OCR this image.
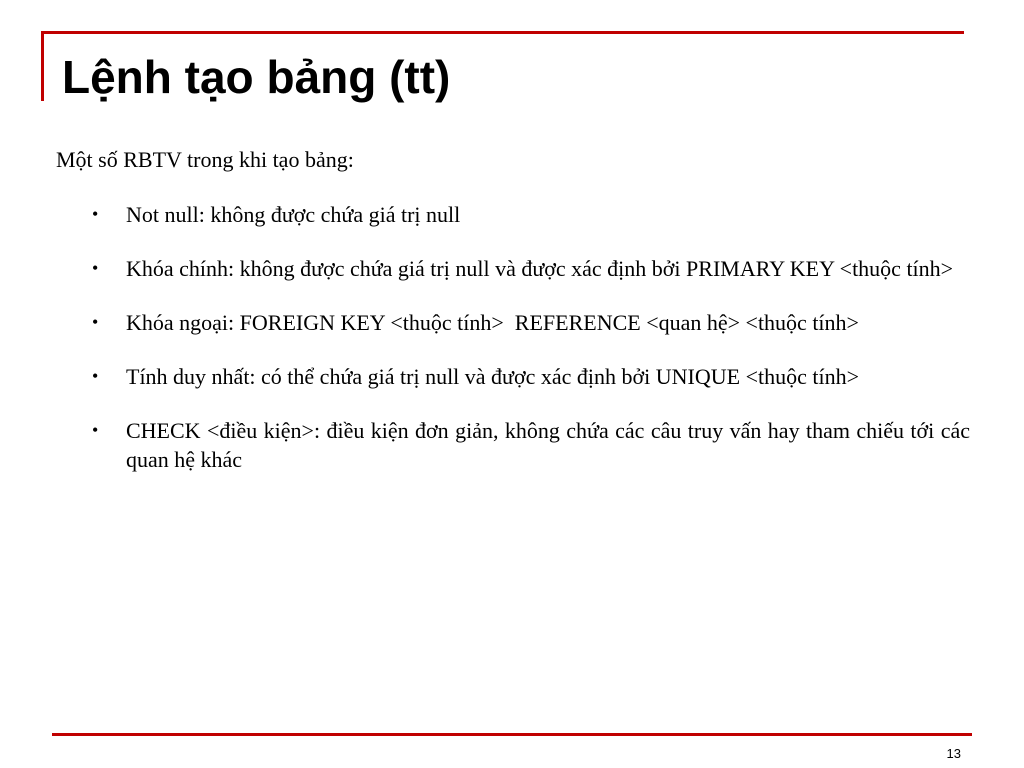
Lệnh tạo bảng (tt)

Một số RBTV trong khi tạo bảng:

• Not null: không được chứa giá trị null
• Khóa chính: không được chứa giá trị null và được xác định bởi PRIMARY KEY <thuộc tính>
• Khóa ngoại: FOREIGN KEY <thuộc tính>  REFERENCE <quan hệ> <thuộc tính>
• Tính duy nhất: có thể chứa giá trị null và được xác định bởi UNIQUE <thuộc tính>
• CHECK <điều kiện>: điều kiện đơn giản, không chứa các câu truy vấn hay tham chiếu tới các quan hệ khác
13
